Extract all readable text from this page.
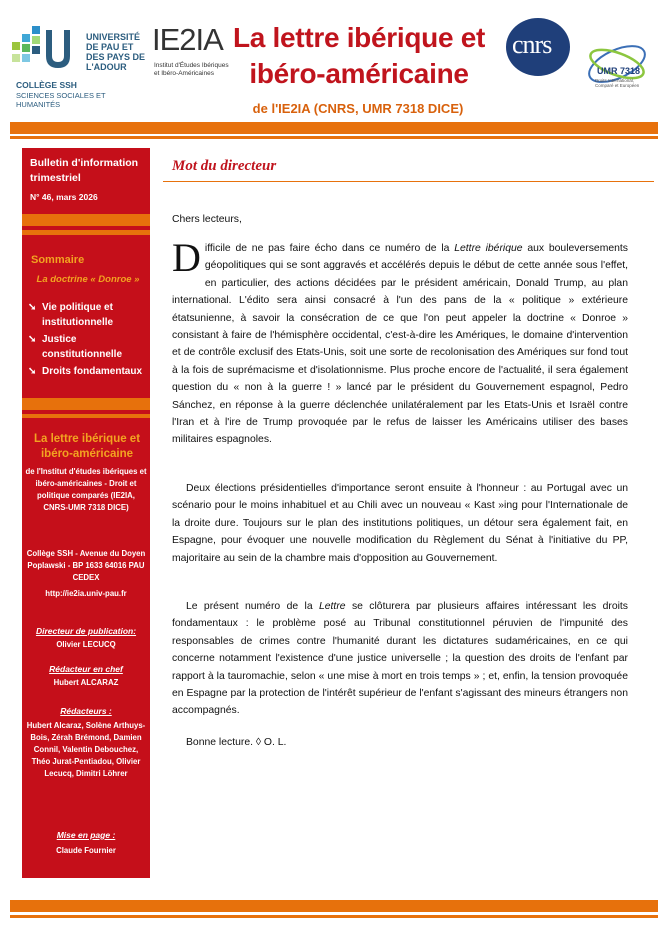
UNIVERSITÉ DE PAU ET DES PAYS DE L'ADOUR
COLLÈGE SSH
SCIENCES SOCIALES ET HUMANITÉS
IE2IA
Institut d'Études Ibériques et Ibéro-Américaines
La lettre ibérique et
ibéro-américaine
de l'IE2IA (CNRS, UMR 7318 DICE)
cnrs
UMR 7318
Droits International, Comparé et Européen
Bulletin d'information trimestriel
N° 46, mars 2026
Sommaire
La doctrine « Donroe »
➘ Vie politique et institutionnelle
➘ Justice constitutionnelle
➘ Droits fondamentaux
La lettre ibérique et ibéro-américaine
de l'Institut d'études ibériques et ibéro-américaines - Droit et politique comparés (IE2IA, CNRS-UMR 7318 DICE)
Collège SSH - Avenue du Doyen Poplawski - BP 1633 64016 PAU CEDEX
http://ie2ia.univ-pau.fr
Directeur de publication:
Olivier LECUCQ
Rédacteur en chef
Hubert ALCARAZ
Rédacteurs :
Hubert Alcaraz, Solène Arthuys-Bois, Zérah Brémond, Damien Connil, Valentin Debouchez, Théo Jurat-Pentiadou, Olivier Lecucq, Dimitri Löhrer
Mise en page :
Claude Fournier
Mot du directeur
Chers lecteurs,
Difficile de ne pas faire écho dans ce numéro de la Lettre ibérique aux bouleversements géopolitiques qui se sont aggravés et accélérés depuis le début de cette année sous l'effet, en particulier, des actions décidées par le président américain, Donald Trump, au plan international. L'édito sera ainsi consacré à l'un des pans de la « politique » extérieure étatsunienne, à savoir la consécration de ce que l'on peut appeler la doctrine « Donroe » consistant à faire de l'hémisphère occidental, c'est-à-dire les Amériques, le domaine d'intervention et de contrôle exclusif des Etats-Unis, soit une sorte de recolonisation des Amériques sur fond tout à la fois de suprémacisme et d'isolationnisme. Plus proche encore de l'actualité, il sera également question du « non à la guerre ! » lancé par le président du Gouvernement espagnol, Pedro Sánchez, en réponse à la guerre déclenchée unilatéralement par les Etats-Unis et Israël contre l'Iran et à l'ire de Trump provoquée par le refus de laisser les Américains utiliser des bases militaires espagnoles.
Deux élections présidentielles d'importance seront ensuite à l'honneur : au Portugal avec un scénario pour le moins inhabituel et au Chili avec un nouveau « Kast »ing pour l'Internationale de la droite dure. Toujours sur le plan des institutions politiques, un détour sera également fait, en Espagne, pour évoquer une nouvelle modification du Règlement du Sénat à l'initiative du PP, majoritaire au sein de la chambre mais d'opposition au Gouvernement.
Le présent numéro de la Lettre se clôturera par plusieurs affaires intéressant les droits fondamentaux : le problème posé au Tribunal constitutionnel péruvien de l'impunité des responsables de crimes contre l'humanité durant les dictatures sudaméricaines, en ce qui concerne notamment l'existence d'une justice universelle ; la question des droits de l'enfant par rapport à la tauromachie, selon « une mise à mort en trois temps » ; et, enfin, la tension provoquée en Espagne par la protection de l'intérêt supérieur de l'enfant s'agissant des mineurs étrangers non accompagnés.
Bonne lecture. ◊ O. L.
